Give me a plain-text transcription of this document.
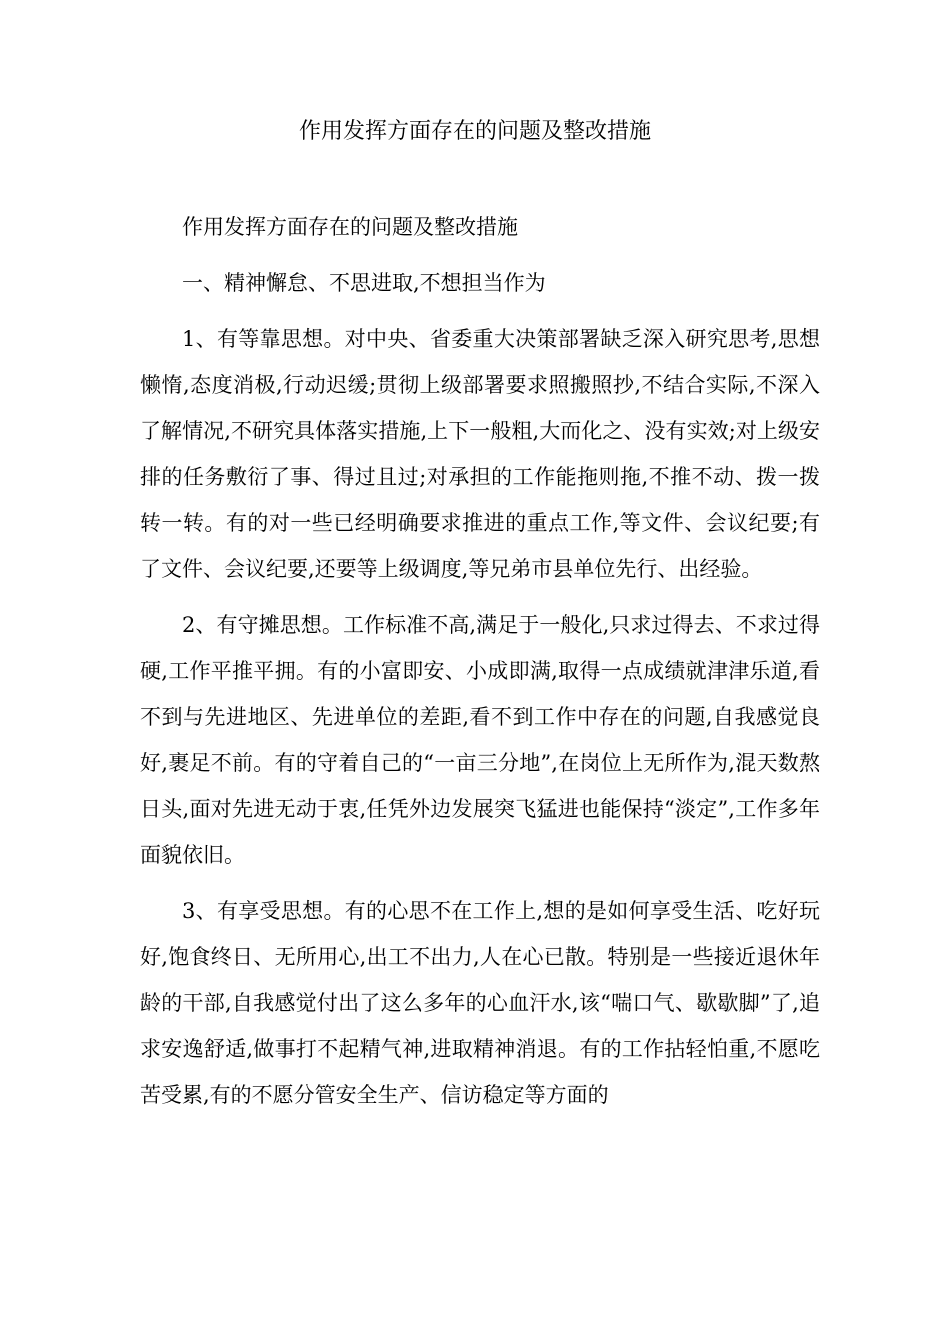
作用发挥方面存在的问题及整改措施

作用发挥方面存在的问题及整改措施

一、精神懈怠、不思进取,不想担当作为

1、有等靠思想。对中央、省委重大决策部署缺乏深入研究思考,思想懒惰,态度消极,行动迟缓;贯彻上级部署要求照搬照抄,不结合实际,不深入了解情况,不研究具体落实措施,上下一般粗,大而化之、没有实效;对上级安排的任务敷衍了事、得过且过;对承担的工作能拖则拖,不推不动、拨一拨转一转。有的对一些已经明确要求推进的重点工作,等文件、会议纪要;有了文件、会议纪要,还要等上级调度,等兄弟市县单位先行、出经验。

2、有守摊思想。工作标准不高,满足于一般化,只求过得去、不求过得硬,工作平推平拥。有的小富即安、小成即满,取得一点成绩就津津乐道,看不到与先进地区、先进单位的差距,看不到工作中存在的问题,自我感觉良好,裹足不前。有的守着自己的“一亩三分地”,在岗位上无所作为,混天数熬日头,面对先进无动于衷,任凭外边发展突飞猛进也能保持“淡定”,工作多年面貌依旧。

3、有享受思想。有的心思不在工作上,想的是如何享受生活、吃好玩好,饱食终日、无所用心,出工不出力,人在心已散。特别是一些接近退休年龄的干部,自我感觉付出了这么多年的心血汗水,该“喘口气、歇歇脚”了,追求安逸舒适,做事打不起精气神,进取精神消退。有的工作拈轻怕重,不愿吃苦受累,有的不愿分管安全生产、信访稳定等方面的
